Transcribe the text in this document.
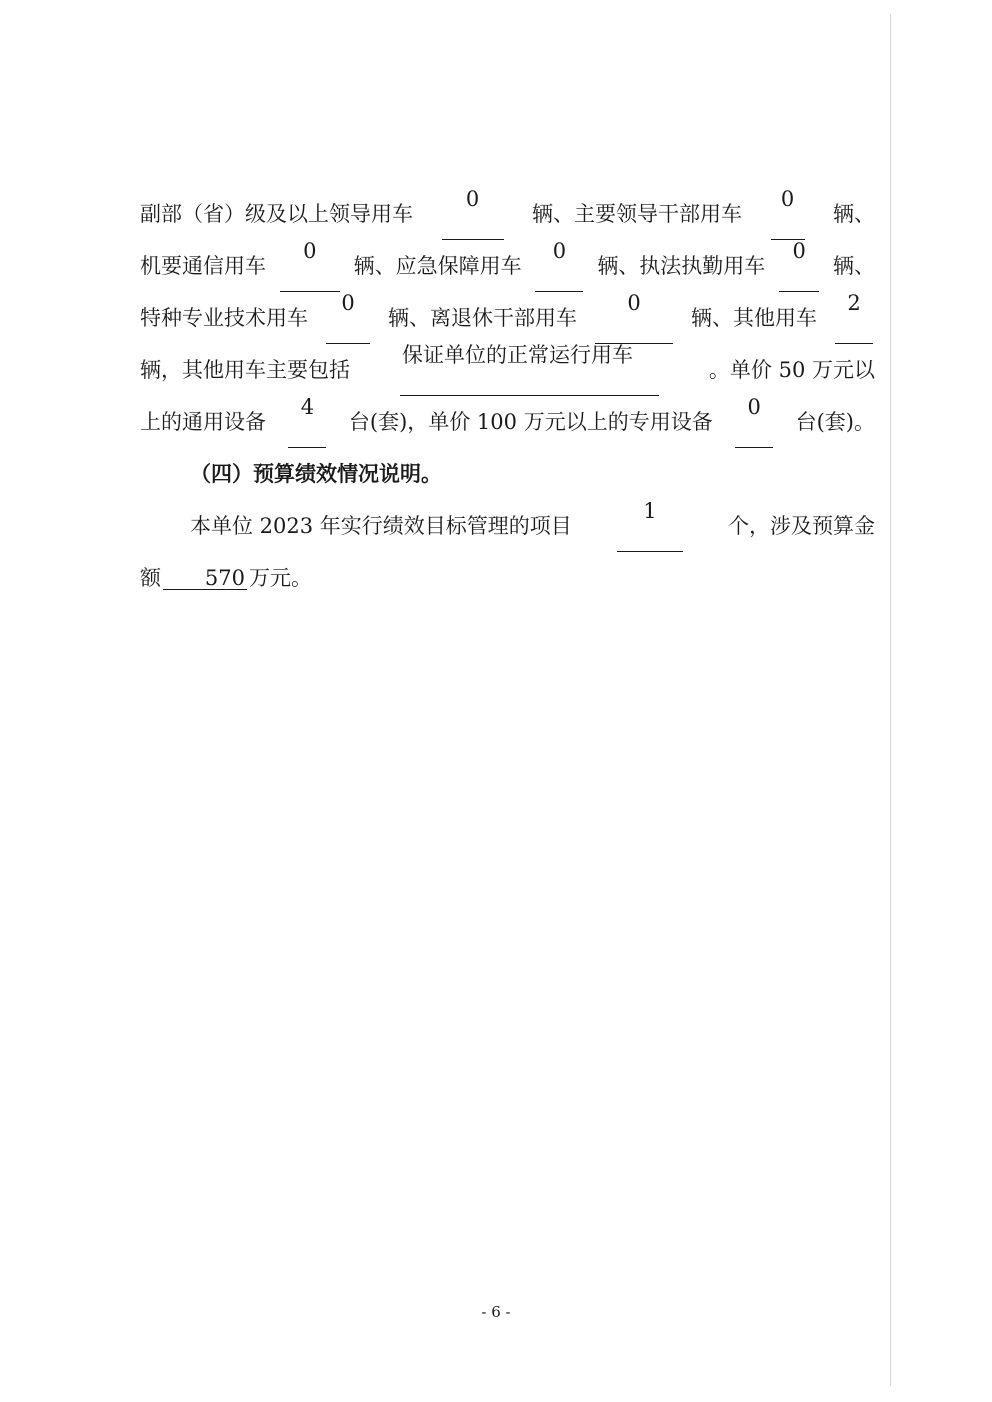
副部（省）级及以上领导用车
0
辆、主要领导干部用车
0
辆、
机要通信用车
0
辆、应急保障用车
0
辆、执法执勤用车
0
辆、
特种专业技术用车
0
辆、离退休干部用车
0
辆、其他用车
2
辆，其他用车主要包括
保证单位的正常运行用车
。单价 50 万元以
上的通用设备
4
台(套)，单价 100 万元以上的专用设备
0
台(套)。
（四）预算绩效情况说明。
本单位 2023 年实行绩效目标管理的项目
1
个，涉及预算金
额 570 万元。
- 6 -
